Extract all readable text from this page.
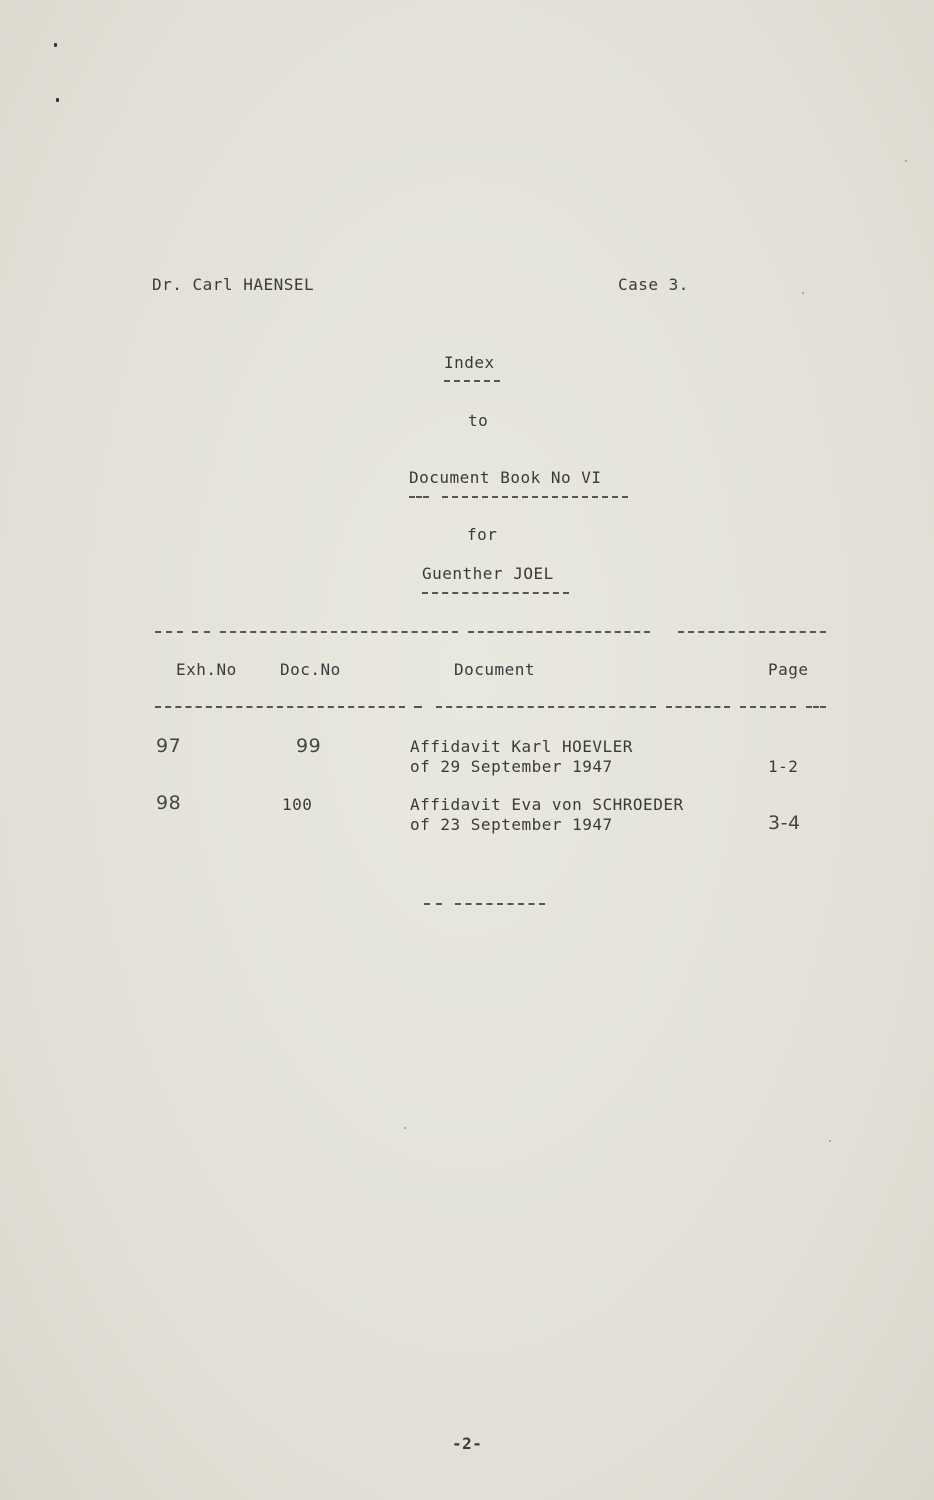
Dr. Carl HAENSEL	Case 3.
Index
to
Document Book No VI
for
Guenther JOEL
Exh.No	Doc.No	Document	Page
97	99	Affidavit Karl HOEVLER
of 29 September 1947	1-2
98	100	Affidavit Eva von SCHROEDER
of 23 September 1947	3-4
-2-
